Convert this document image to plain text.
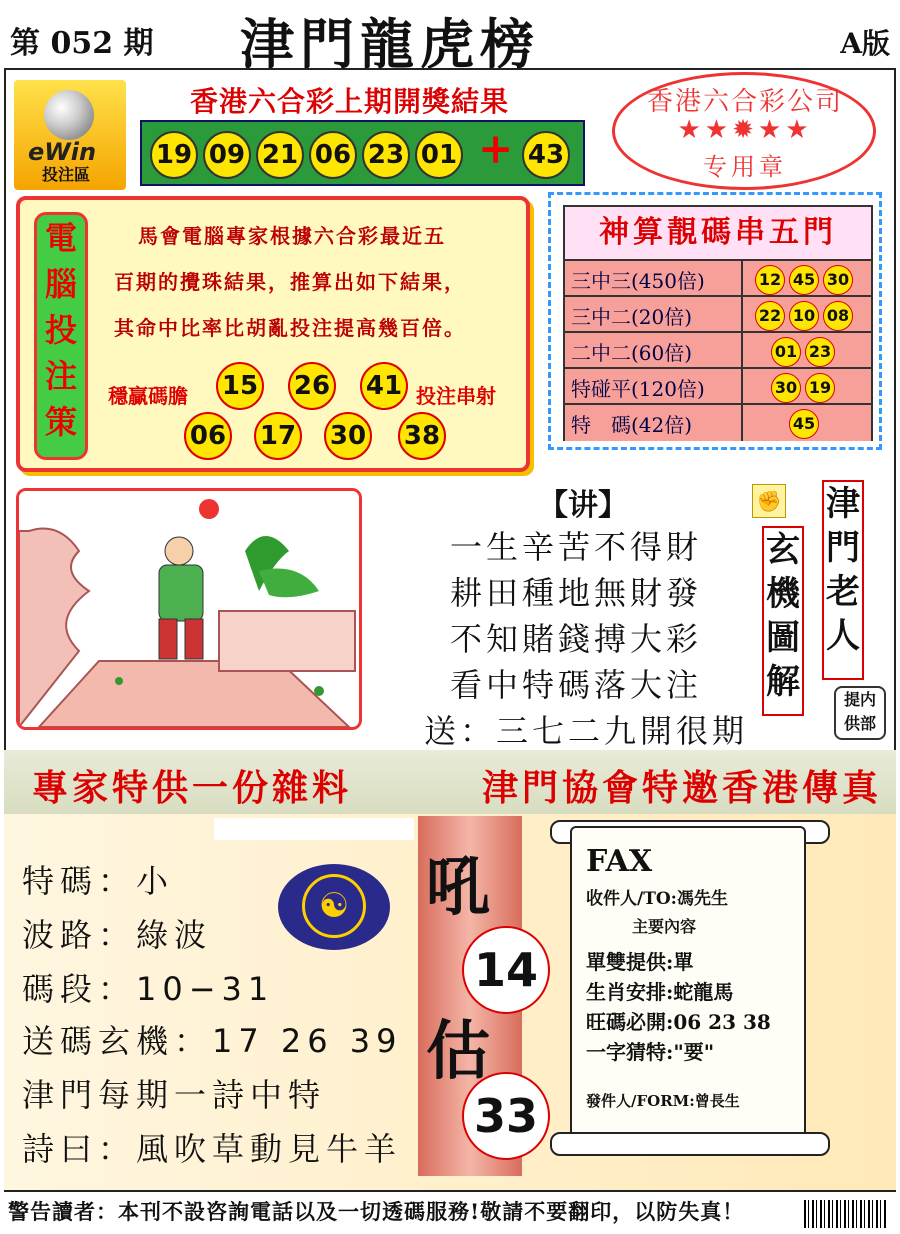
第 052 期 津門龍虎榜	A版
eWin
投注區
香港六合彩上期開獎結果
19 09 21 06 23 01 + 43
香港六合彩公司
★★✹★★
专用章
電
腦
投
注
策
馬會電腦專家根據六合彩最近五
百期的攪珠結果，推算出如下結果，
其命中比率比胡亂投注提高幾百倍。
穩贏碼膽 15 26 41 投注串射
06 17 30 38
神算靚碼串五門
三中三(450倍)	12 45 30
三中二(20倍)	22 10 08
二中二(60倍)	01 23
特碰平(120倍)	30 19
特　碼(42倍)	45
【讲】
一生辛苦不得財
耕田種地無財發
不知賭錢搏大彩
看中特碼落大注
送：三七二九開很期
✊
玄
機
圖
解
津
門
老
人
提内
供部
專家特供一份雜料	津門協會特邀香港傳真
特碼：小
波路：綠波
碼段：10−31
送碼玄機：17 26 39
津門每期一詩中特
詩曰：風吹草動見牛羊
☯ 吼
14
估
33
FAX
收件人/TO:馮先生
主要內容
單雙提供:單
生肖安排:蛇龍馬
旺碼必開:06 23 38
一字猜特:"要"
發件人/FORM:曾長生
警告讀者：本刊不設咨詢電話以及一切透碼服務!敬請不要翻印，以防失真！
